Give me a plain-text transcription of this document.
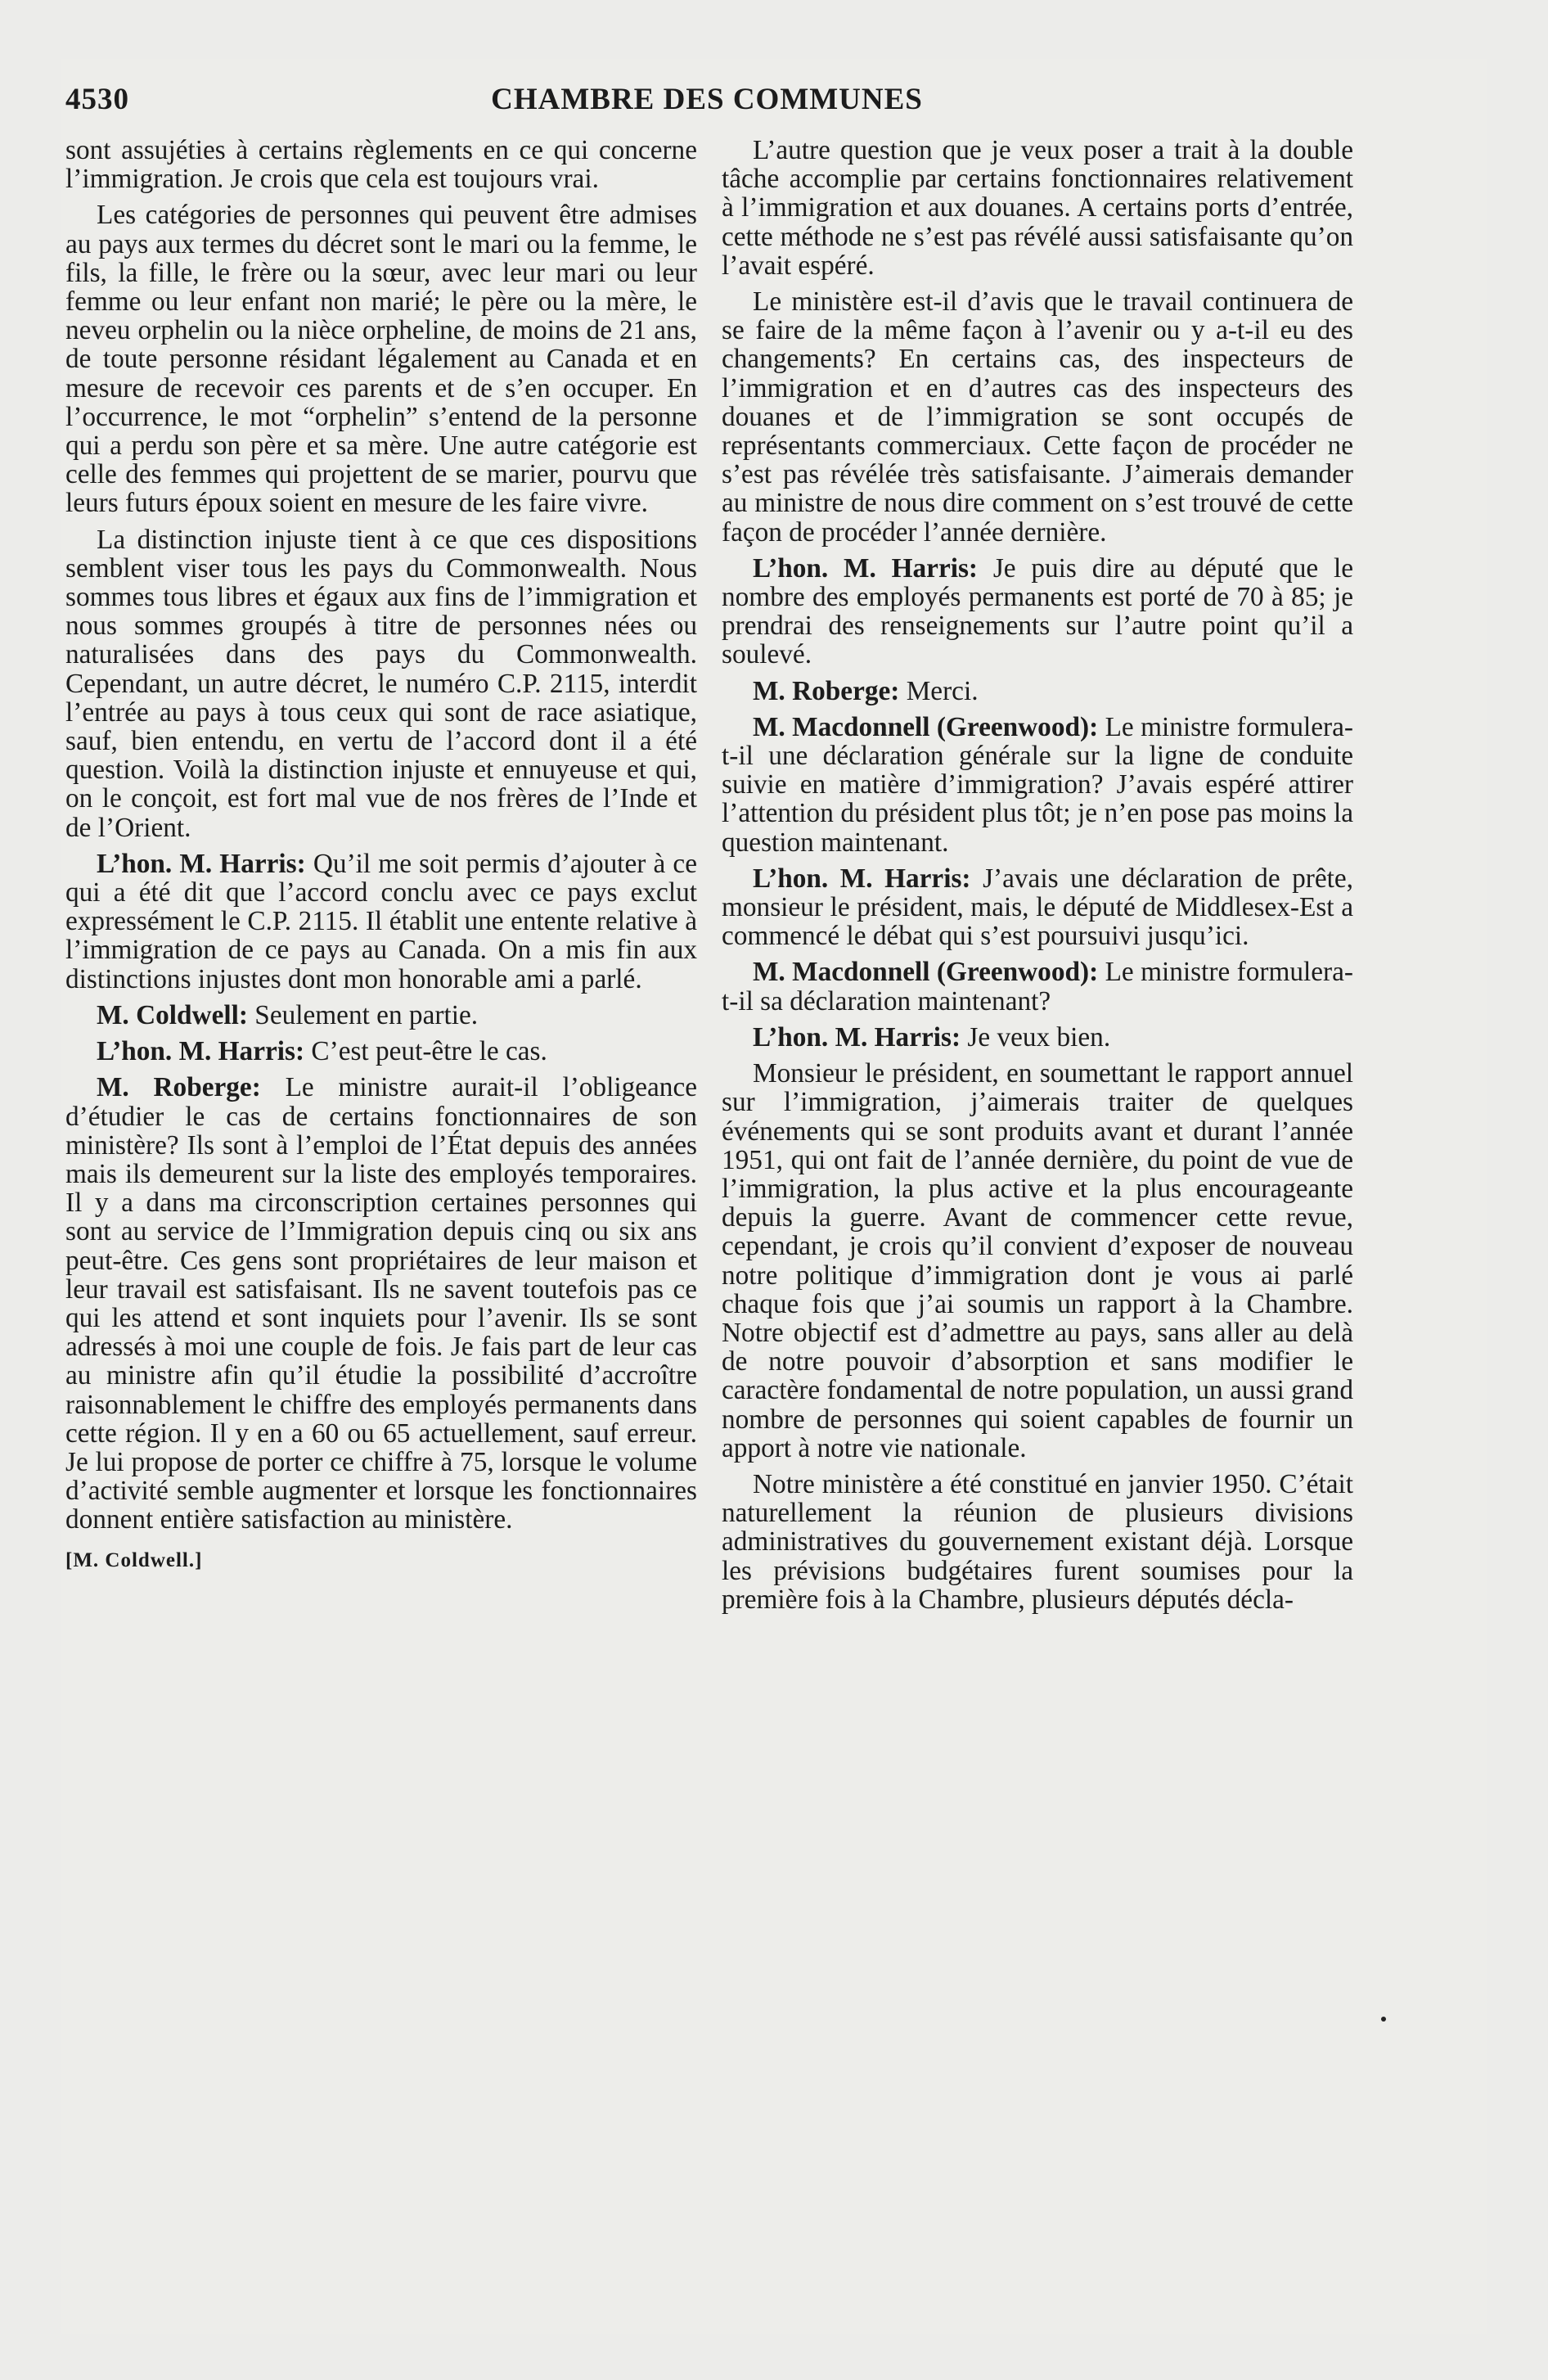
4530	CHAMBRE DES COMMUNES

sont assujéties à certains règlements en ce qui concerne l’immigration. Je crois que cela est toujours vrai.

Les catégories de personnes qui peuvent être admises au pays aux termes du décret sont le mari ou la femme, le fils, la fille, le frère ou la sœur, avec leur mari ou leur femme ou leur enfant non marié; le père ou la mère, le neveu orphelin ou la nièce orpheline, de moins de 21 ans, de toute personne résidant légalement au Canada et en mesure de recevoir ces parents et de s’en occuper. En l’occurrence, le mot “orphelin” s’entend de la personne qui a perdu son père et sa mère. Une autre catégorie est celle des femmes qui projettent de se marier, pourvu que leurs futurs époux soient en mesure de les faire vivre.

La distinction injuste tient à ce que ces dispositions semblent viser tous les pays du Commonwealth. Nous sommes tous libres et égaux aux fins de l’immigration et nous sommes groupés à titre de personnes nées ou naturalisées dans des pays du Commonwealth. Cependant, un autre décret, le numéro C.P. 2115, interdit l’entrée au pays à tous ceux qui sont de race asiatique, sauf, bien entendu, en vertu de l’accord dont il a été question. Voilà la distinction injuste et ennuyeuse et qui, on le conçoit, est fort mal vue de nos frères de l’Inde et de l’Orient.

L’hon. M. Harris: Qu’il me soit permis d’ajouter à ce qui a été dit que l’accord conclu avec ce pays exclut expressément le C.P. 2115. Il établit une entente relative à l’immigration de ce pays au Canada. On a mis fin aux distinctions injustes dont mon honorable ami a parlé.

M. Coldwell: Seulement en partie.

L’hon. M. Harris: C’est peut-être le cas.

M. Roberge: Le ministre aurait-il l’obligeance d’étudier le cas de certains fonctionnaires de son ministère? Ils sont à l’emploi de l’État depuis des années mais ils demeurent sur la liste des employés temporaires. Il y a dans ma circonscription certaines personnes qui sont au service de l’Immigration depuis cinq ou six ans peut-être. Ces gens sont propriétaires de leur maison et leur travail est satisfaisant. Ils ne savent toutefois pas ce qui les attend et sont inquiets pour l’avenir. Ils se sont adressés à moi une couple de fois. Je fais part de leur cas au ministre afin qu’il étudie la possibilité d’accroître raisonnablement le chiffre des employés permanents dans cette région. Il y en a 60 ou 65 actuellement, sauf erreur. Je lui propose de porter ce chiffre à 75, lorsque le volume d’activité semble augmenter et lorsque les fonctionnaires donnent entière satisfaction au ministère.

[M. Coldwell.]

L’autre question que je veux poser a trait à la double tâche accomplie par certains fonctionnaires relativement à l’immigration et aux douanes. A certains ports d’entrée, cette méthode ne s’est pas révélé aussi satisfaisante qu’on l’avait espéré.

Le ministère est-il d’avis que le travail continuera de se faire de la même façon à l’avenir ou y a-t-il eu des changements? En certains cas, des inspecteurs de l’immigration et en d’autres cas des inspecteurs des douanes et de l’immigration se sont occupés de représentants commerciaux. Cette façon de procéder ne s’est pas révélée très satisfaisante. J’aimerais demander au ministre de nous dire comment on s’est trouvé de cette façon de procéder l’année dernière.

L’hon. M. Harris: Je puis dire au député que le nombre des employés permanents est porté de 70 à 85; je prendrai des renseignements sur l’autre point qu’il a soulevé.

M. Roberge: Merci.

M. Macdonnell (Greenwood): Le ministre formulera-t-il une déclaration générale sur la ligne de conduite suivie en matière d’immigration? J’avais espéré attirer l’attention du président plus tôt; je n’en pose pas moins la question maintenant.

L’hon. M. Harris: J’avais une déclaration de prête, monsieur le président, mais, le député de Middlesex-Est a commencé le débat qui s’est poursuivi jusqu’ici.

M. Macdonnell (Greenwood): Le ministre formulera-t-il sa déclaration maintenant?

L’hon. M. Harris: Je veux bien.

Monsieur le président, en soumettant le rapport annuel sur l’immigration, j’aimerais traiter de quelques événements qui se sont produits avant et durant l’année 1951, qui ont fait de l’année dernière, du point de vue de l’immigration, la plus active et la plus encourageante depuis la guerre. Avant de commencer cette revue, cependant, je crois qu’il convient d’exposer de nouveau notre politique d’immigration dont je vous ai parlé chaque fois que j’ai soumis un rapport à la Chambre. Notre objectif est d’admettre au pays, sans aller au delà de notre pouvoir d’absorption et sans modifier le caractère fondamental de notre population, un aussi grand nombre de personnes qui soient capables de fournir un apport à notre vie nationale.

Notre ministère a été constitué en janvier 1950. C’était naturellement la réunion de plusieurs divisions administratives du gouvernement existant déjà. Lorsque les prévisions budgétaires furent soumises pour la première fois à la Chambre, plusieurs députés décla-
